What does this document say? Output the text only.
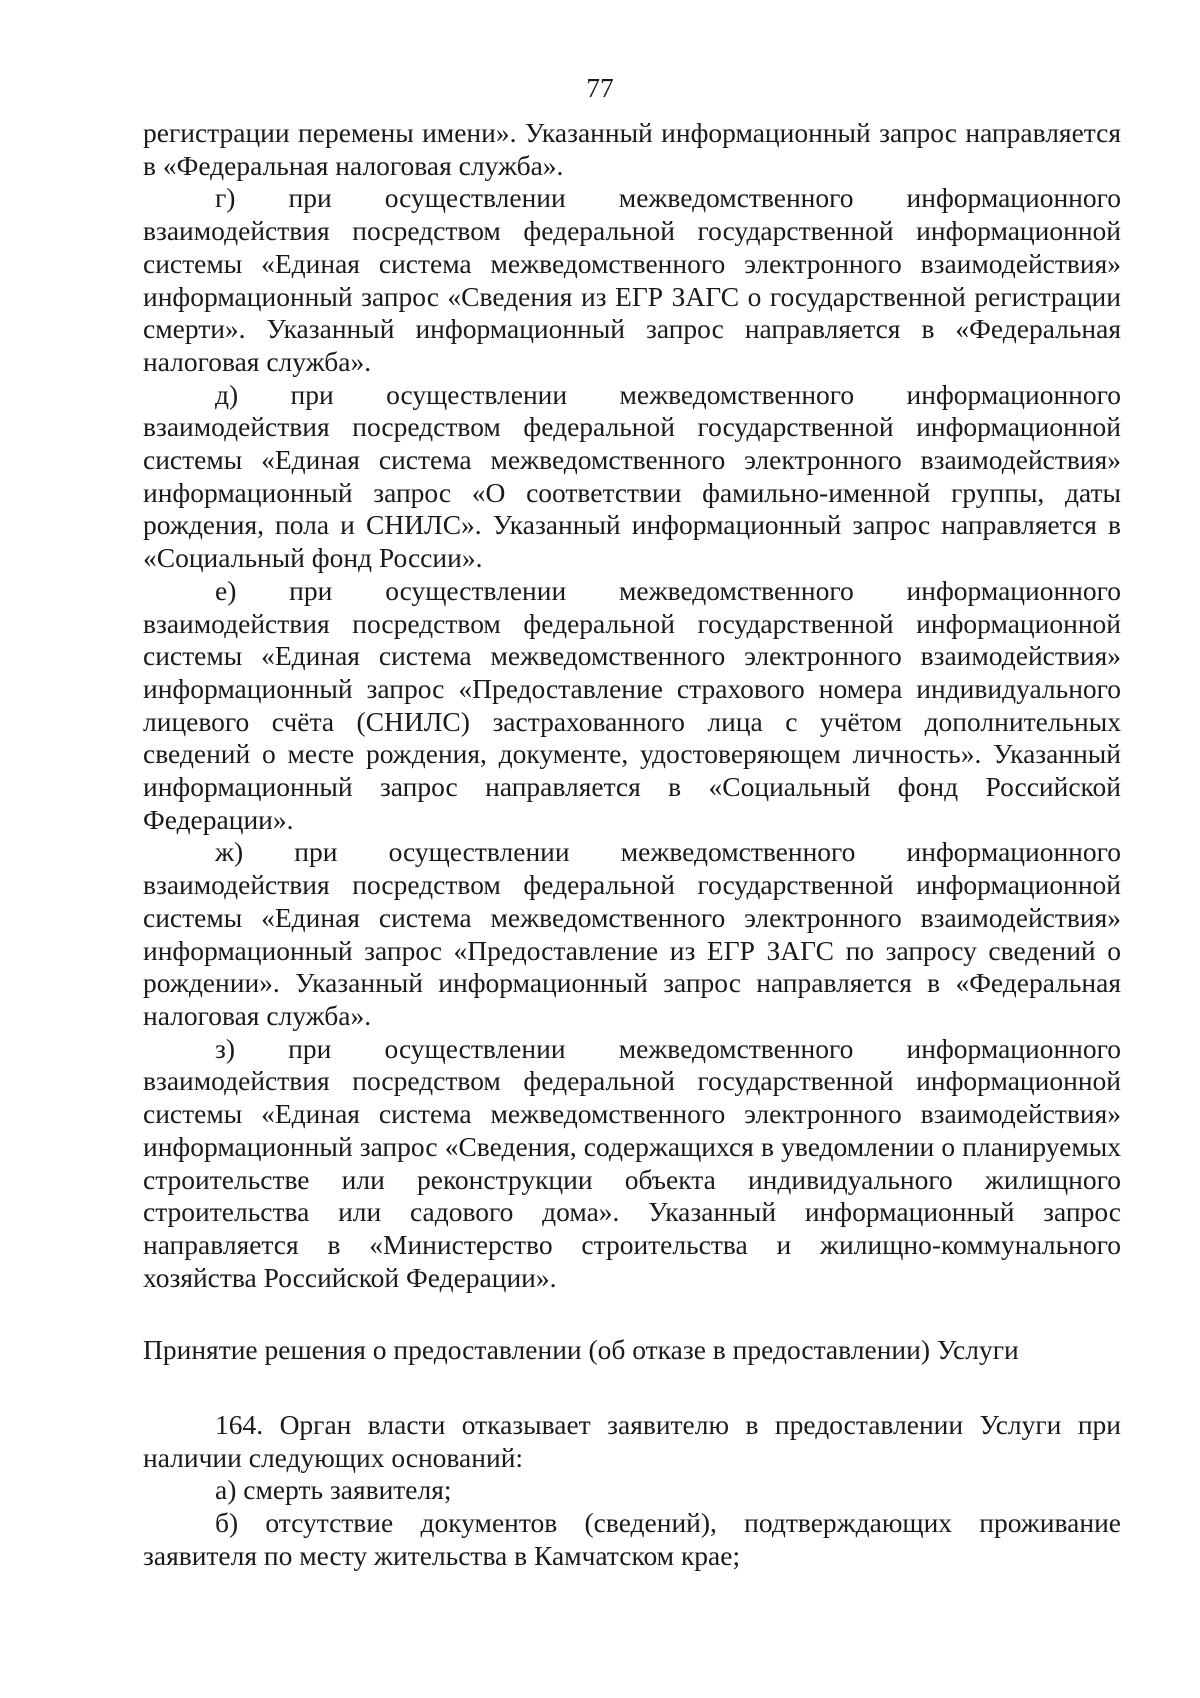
77

регистрации перемены имени». Указанный информационный запрос направляется в «Федеральная налоговая служба».

г) при осуществлении межведомственного информационного взаимодействия посредством федеральной государственной информационной системы «Единая система межведомственного электронного взаимодействия» информационный запрос «Сведения из ЕГР ЗАГС о государственной регистрации смерти». Указанный информационный запрос направляется в «Федеральная налоговая служба».

д) при осуществлении межведомственного информационного взаимодействия посредством федеральной государственной информационной системы «Единая система межведомственного электронного взаимодействия» информационный запрос «О соответствии фамильно-именной группы, даты рождения, пола и СНИЛС». Указанный информационный запрос направляется в «Социальный фонд России».

е) при осуществлении межведомственного информационного взаимодействия посредством федеральной государственной информационной системы «Единая система межведомственного электронного взаимодействия» информационный запрос «Предоставление страхового номера индивидуального лицевого счёта (СНИЛС) застрахованного лица с учётом дополнительных сведений о месте рождения, документе, удостоверяющем личность». Указанный информационный запрос направляется в «Социальный фонд Российской Федерации».

ж) при осуществлении межведомственного информационного взаимодействия посредством федеральной государственной информационной системы «Единая система межведомственного электронного взаимодействия» информационный запрос «Предоставление из ЕГР ЗАГС по запросу сведений о рождении». Указанный информационный запрос направляется в «Федеральная налоговая служба».

з) при осуществлении межведомственного информационного взаимодействия посредством федеральной государственной информационной системы «Единая система межведомственного электронного взаимодействия» информационный запрос «Сведения, содержащихся в уведомлении о планируемых строительстве или реконструкции объекта индивидуального жилищного строительства или садового дома». Указанный информационный запрос направляется в «Министерство строительства и жилищно-коммунального хозяйства Российской Федерации».

Принятие решения о предоставлении (об отказе в предоставлении) Услуги

164. Орган власти отказывает заявителю в предоставлении Услуги при наличии следующих оснований:

а) смерть заявителя;

б) отсутствие документов (сведений), подтверждающих проживание заявителя по месту жительства в Камчатском крае;
